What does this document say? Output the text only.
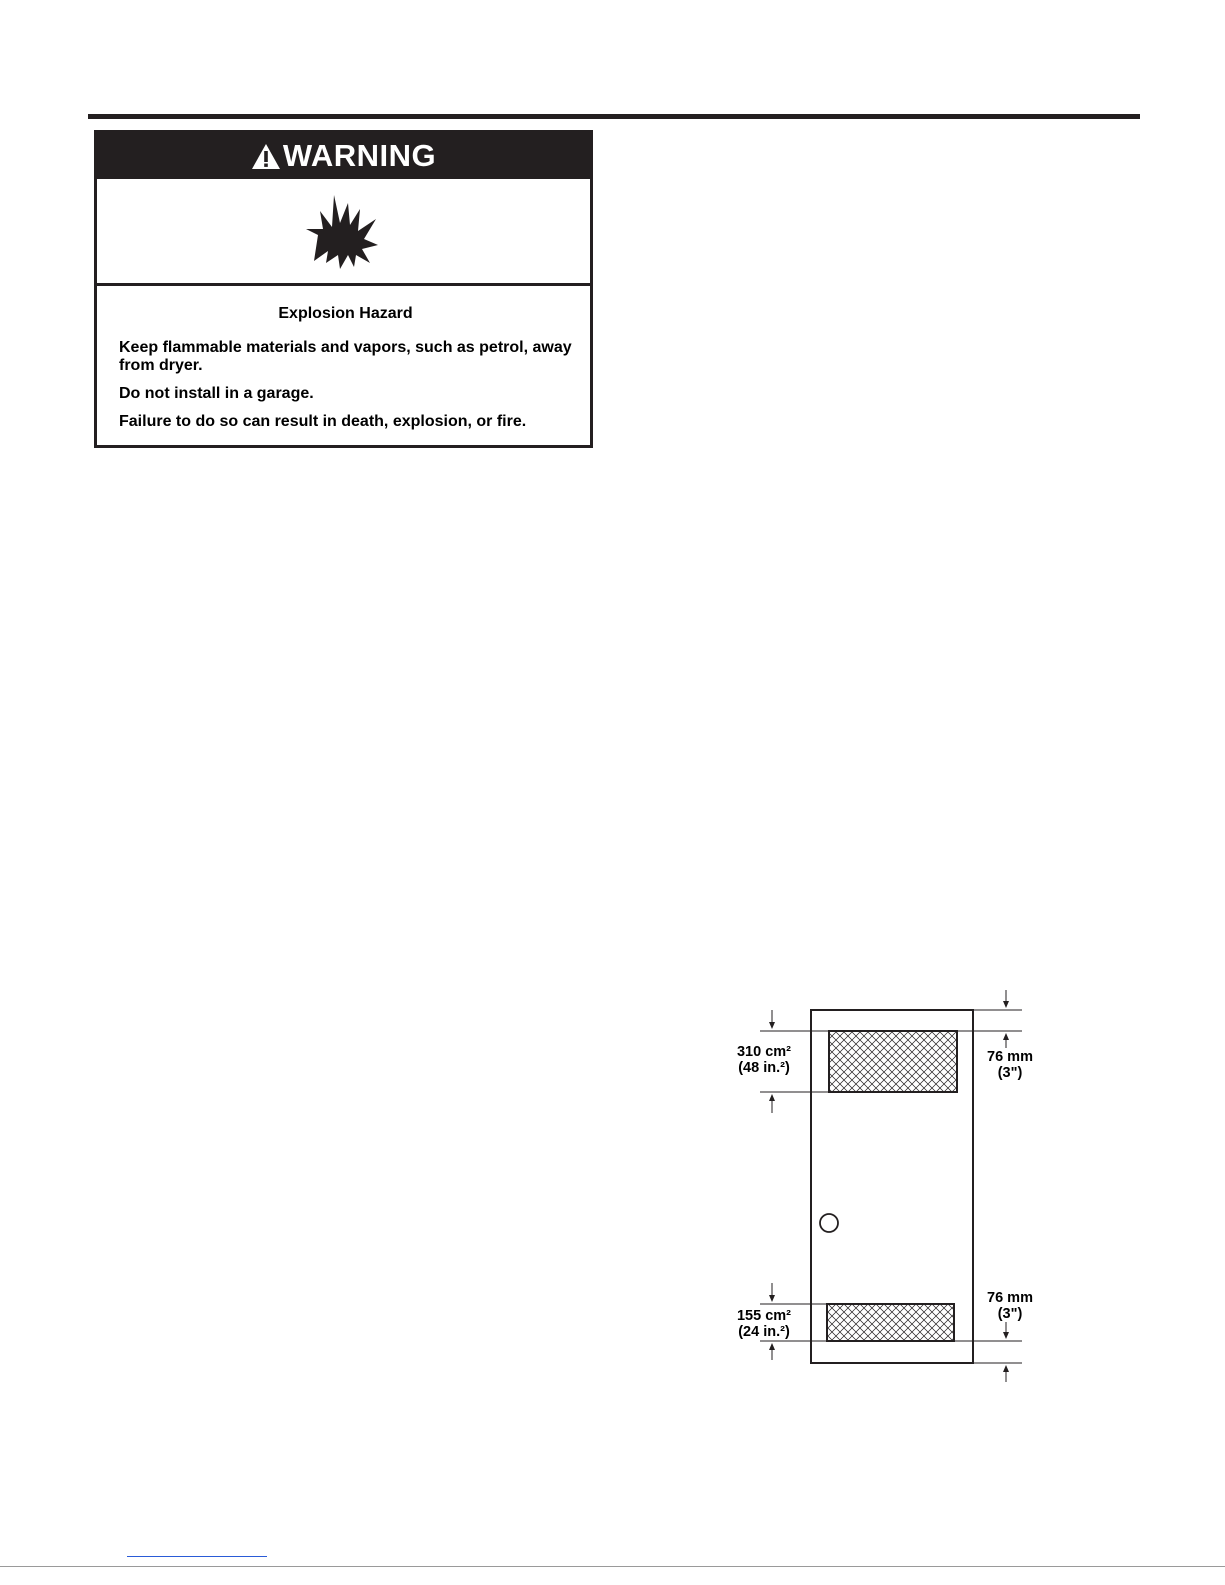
WARNING
Explosion Hazard

Keep flammable materials and vapors, such as petrol, away from dryer.

Do not install in a garage.

Failure to do so can result in death, explosion, or fire.

310 cm²
(48 in.²)
155 cm²
(24 in.²)
76 mm
(3")
76 mm
(3")
